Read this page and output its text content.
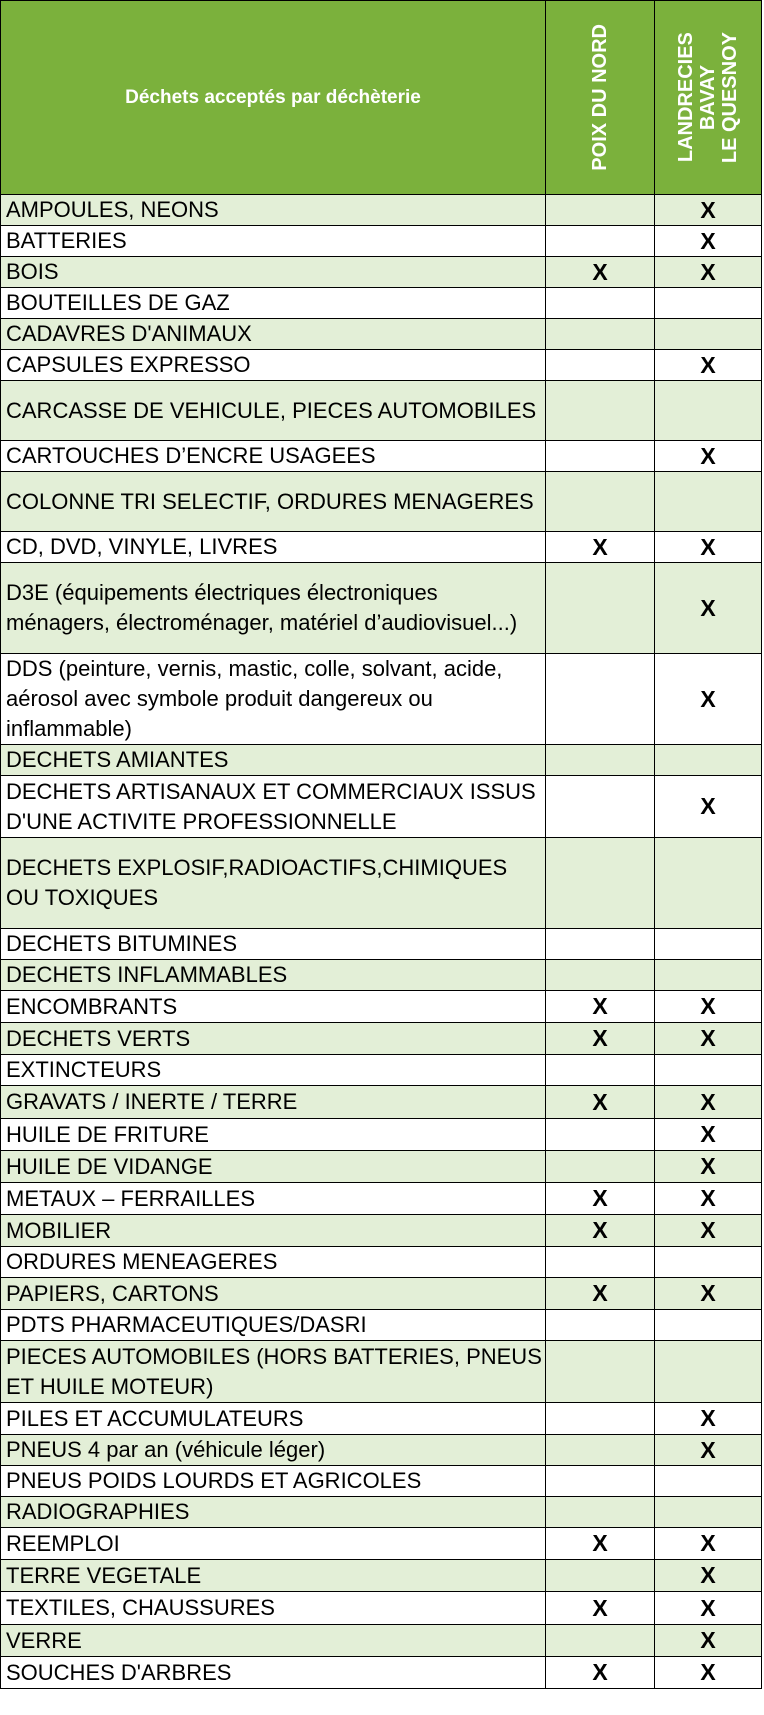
Déchets acceptés par déchèterie	POIX DU NORD	LANDRECIES BAVAY LE QUESNOY

AMPOULES, NEONS		X
BATTERIES		X
BOIS	X	X
BOUTEILLES DE GAZ		
CADAVRES D'ANIMAUX		
CAPSULES EXPRESSO		X
CARCASSE DE VEHICULE, PIECES AUTOMOBILES		
CARTOUCHES D’ENCRE USAGEES		X
COLONNE TRI SELECTIF, ORDURES MENAGERES		
CD, DVD, VINYLE, LIVRES	X	X
D3E (équipements électriques électroniques ménagers, électroménager, matériel d’audiovisuel...)		X
DDS (peinture, vernis, mastic, colle, solvant, acide, aérosol avec symbole produit dangereux ou inflammable)		X
DECHETS AMIANTES		
DECHETS ARTISANAUX ET COMMERCIAUX ISSUS D'UNE ACTIVITE PROFESSIONNELLE		X
DECHETS EXPLOSIF,RADIOACTIFS,CHIMIQUES OU TOXIQUES		
DECHETS BITUMINES		
DECHETS INFLAMMABLES		
ENCOMBRANTS	X	X
DECHETS VERTS	X	X
EXTINCTEURS		
GRAVATS / INERTE / TERRE	X	X
HUILE DE FRITURE		X
HUILE DE VIDANGE		X
METAUX – FERRAILLES	X	X
MOBILIER	X	X
ORDURES MENEAGERES		
PAPIERS, CARTONS	X	X
PDTS PHARMACEUTIQUES/DASRI		
PIECES AUTOMOBILES (HORS BATTERIES, PNEUS ET HUILE MOTEUR)		
PILES ET ACCUMULATEURS		X
PNEUS 4 par an (véhicule léger)		X
PNEUS POIDS LOURDS ET AGRICOLES		
RADIOGRAPHIES		
REEMPLOI	X	X
TERRE VEGETALE		X
TEXTILES, CHAUSSURES	X	X
VERRE		X
SOUCHES D'ARBRES	X	X
